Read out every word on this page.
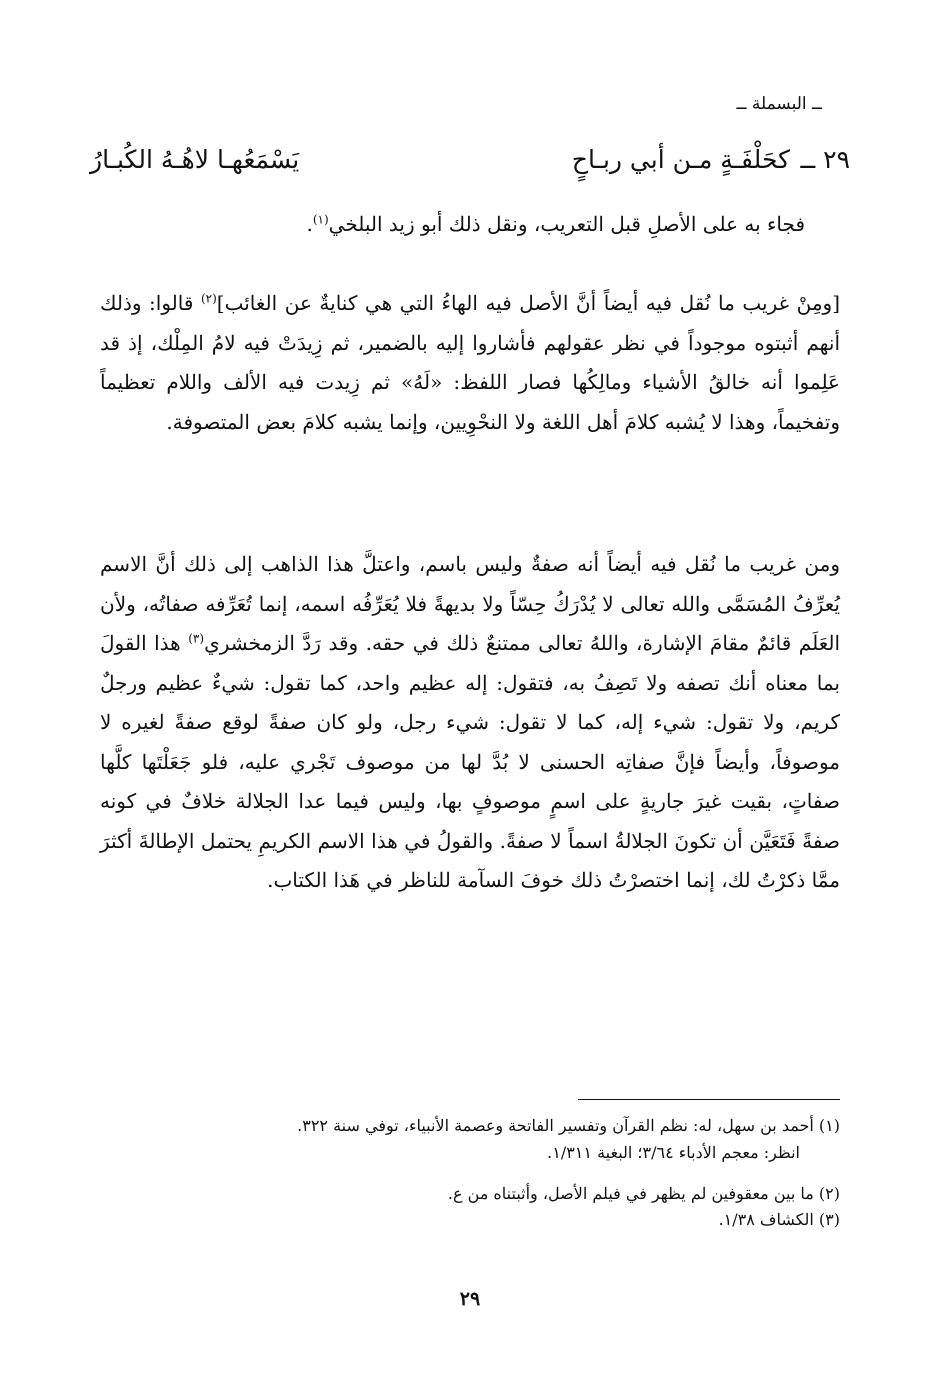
ــ البسملة ــ
٢٩ ــ
كحَلْفَـةٍ مـن أبي ربـاحٍ
يَسْمَعُهـا لاهُـهُ الكُبـارُ

فجاء به على الأصلِ قبل التعريب، ونقل ذلك أبو زيد البلخي$^{(١)}$.

[ومِنْ غريب ما نُقل فيه أيضاً أنَّ الأصل فيه الهاءُ التي هي كنايةٌ عن الغائب]$^{(٢)}$ قالوا: وذلك أنهم أثبتوه موجوداً في نظر عقولهم فأشاروا إليه بالضمير، ثم زِيدَتْ فيه لامُ المِلْك، إذ قد عَلِموا أنه خالقُ الأشياء ومالِكُها فصار اللفظ: «لَهُ» ثم زِيدت فيه الألف واللام تعظيماً وتفخيماً، وهذا لا يُشبه كلامَ أهل اللغة ولا النحْوِيين، وإنما يشبه كلامَ بعض المتصوفة.

ومن غريب ما نُقل فيه أيضاً أنه صفةٌ وليس باسم، واعتلَّ هذا الذاهب إلى ذلك أنَّ الاسم يُعرِّفُ المُسَمَّى والله تعالى لا يُدْرَكُ حِسّاً ولا بديهةً فلا يُعَرِّفُه اسمه، إنما تُعَرِّفه صفاتُه، ولأن العَلَم قائمٌ مقامَ الإشارة، واللهُ تعالى ممتنعٌ ذلك في حقه. وقد رَدَّ الزمخشري$^{(٣)}$ هذا القولَ بما معناه أنك تصفه ولا تَصِفُ به، فتقول: إله عظيم واحد، كما تقول: شيءٌ عظيم ورجلٌ كريم، ولا تقول: شيء إله، كما لا تقول: شيء رجل، ولو كان صفةً لوقع صفةً لغيره لا موصوفاً، وأيضاً فإنَّ صفاتِه الحسنى لا بُدَّ لها من موصوف تَجْري عليه، فلو جَعَلْتَها كلَّها صفاتٍ، بقيت غيرَ جاريةٍ على اسمٍ موصوفٍ بها، وليس فيما عدا الجلالة خلافٌ في كونه صفةً فَتَعَيَّن أن تكونَ الجلالةُ اسماً لا صفةً. والقولُ في هذا الاسم الكريمِ يحتمل الإطالةَ أكثرَ ممَّا ذكرْتُ لك، إنما اختصرْتُ ذلك خوفَ السآمة للناظر في هَذا الكتاب.

(١) أحمد بن سهل، له: نظم القرآن وتفسير الفاتحة وعصمة الأنبياء، توفي سنة ٣٢٢.
انظر: معجم الأدباء ٣/٦٤؛ البغية ١/٣١١.

(٢) ما بين معقوفين لم يظهر في فيلم الأصل، وأثبتناه من ع.

(٣) الكشاف ١/٣٨.

٢٩
